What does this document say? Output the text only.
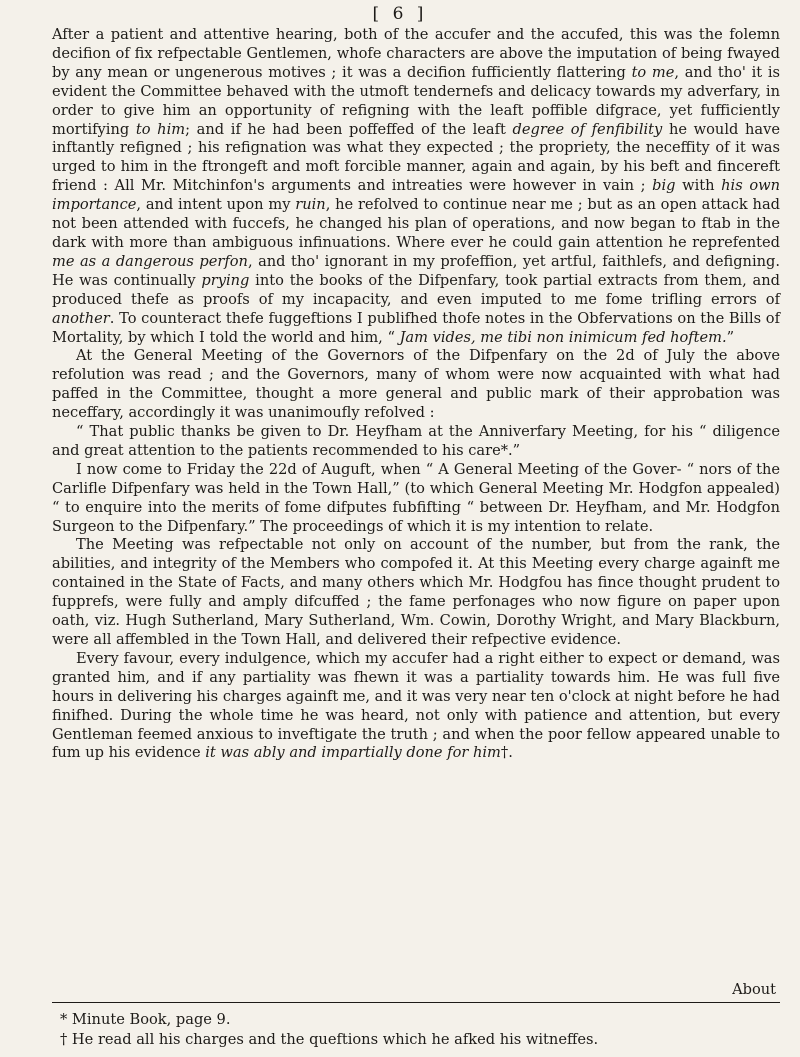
[ 6 ]

After a patient and attentive hearing, both of the accufer and the accufed, this was the folemn decifion of fix refpectable Gentlemen, whofe characters are above the imputation of being fwayed by any mean or ungenerous motives ; it was a decifion fufficiently flattering to me, and tho' it is evident the Committee behaved with the utmoft tendernefs and delicacy towards my adverfary, in order to give him an opportunity of refigning with the leaft poffible difgrace, yet fufficiently mortifying to him; and if he had been poffeffed of the leaft degree of fenfibility he would have inftantly refigned ; his refignation was what they expected ; the propriety, the neceffity of it was urged to him in the ftrongeft and moft forcible manner, again and again, by his beft and fincereft friend : All Mr. Mitchinfon's arguments and intreaties were however in vain ; big with his own importance, and intent upon my ruin, he refolved to continue near me ; but as an open attack had not been attended with fuccefs, he changed his plan of operations, and now began to ftab in the dark with more than ambiguous infinuations. Where ever he could gain attention he reprefented me as a dangerous perfon, and tho' ignorant in my profeffion, yet artful, faithlefs, and defigning. He was continually prying into the books of the Difpenfary, took partial extracts from them, and produced thefe as proofs of my incapacity, and even imputed to me fome trifling errors of another. To counteract thefe fuggeftions I publifhed thofe notes in the Obfervations on the Bills of Mortality, by which I told the world and him, “ Jam vides, me tibi non inimicum fed hoftem.”

At the General Meeting of the Governors of the Difpenfary on the 2d of July the above refolution was read ; and the Governors, many of whom were now acquainted with what had paffed in the Committee, thought a more general and public mark of their approbation was neceffary, accordingly it was unanimoufly refolved :

“ That public thanks be given to Dr. Heyfham at the Anniverfary Meeting, for his “ diligence and great attention to the patients recommended to his care*.”

I now come to Friday the 22d of Auguft, when “ A General Meeting of the Gover- “ nors of the Carlifle Difpenfary was held in the Town Hall,” (to which General Meeting Mr. Hodgfon appealed) “ to enquire into the merits of fome difputes fubfifting “ between Dr. Heyfham, and Mr. Hodgfon Surgeon to the Difpenfary.” The proceedings of which it is my intention to relate.

The Meeting was refpectable not only on account of the number, but from the rank, the abilities, and integrity of the Members who compofed it. At this Meeting every charge againft me contained in the State of Facts, and many others which Mr. Hodgfou has fince thought prudent to fupprefs, were fully and amply difcuffed ; the fame perfonages who now figure on paper upon oath, viz. Hugh Sutherland, Mary Sutherland, Wm. Cowin, Dorothy Wright, and Mary Blackburn, were all affembled in the Town Hall, and delivered their refpective evidence.

Every favour, every indulgence, which my accufer had a right either to expect or demand, was granted him, and if any partiality was fhewn it was a partiality towards him. He was full five hours in delivering his charges againft me, and it was very near ten o'clock at night before he had finifhed. During the whole time he was heard, not only with patience and attention, but every Gentleman feemed anxious to inveftigate the truth ; and when the poor fellow appeared unable to fum up his evidence it was ably and impartially done for him†.

About

* Minute Book, page 9.

† He read all his charges and the queftions which he afked his witneffes.
